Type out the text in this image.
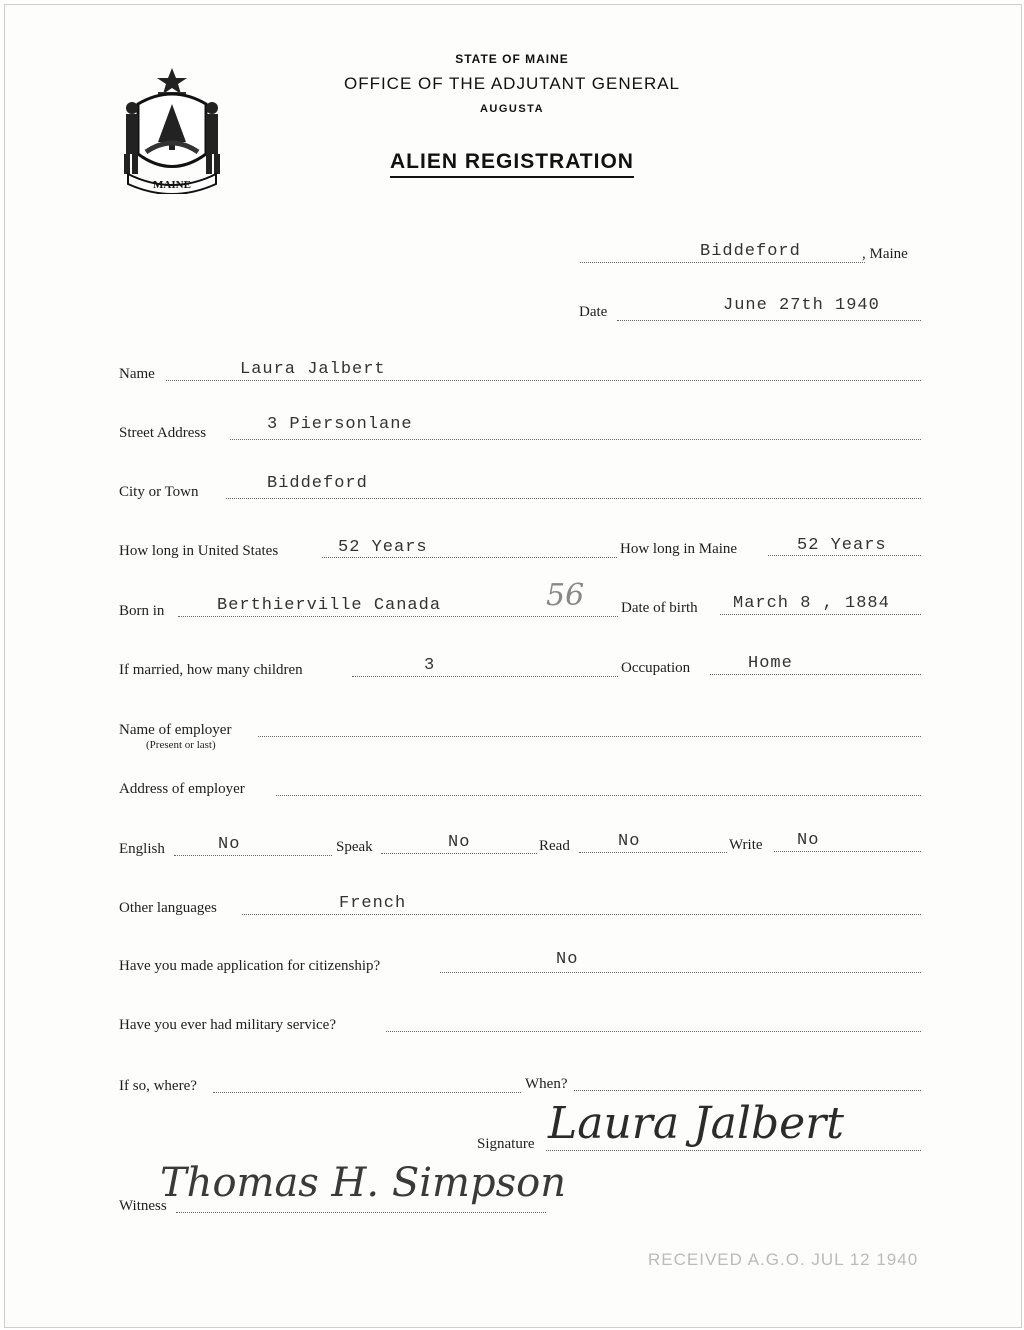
MAINE
STATE OF MAINE
OFFICE OF THE ADJUTANT GENERAL
AUGUSTA
ALIEN REGISTRATION
Biddeford	, Maine
Date	June 27th 1940
Name	Laura Jalbert
Street Address	3 Piersonlane
City or Town	Biddeford
How long in United States	52 Years	How long in Maine	52 Years
Born in	Berthierville Canada	56 Date of birth March 8 , 1884
If married, how many children	3	Occupation	Home
Name of employer
(Present or last)
Address of employer
English	No	Speak	No	Read	No	Write No
Other languages	French
Have you made application for citizenship?	No
Have you ever had military service?
If so, where?	When?
Signature Laura Jalbert
Witness
Thomas H. Simpson
RECEIVED A.G.O. JUL 12 1940
